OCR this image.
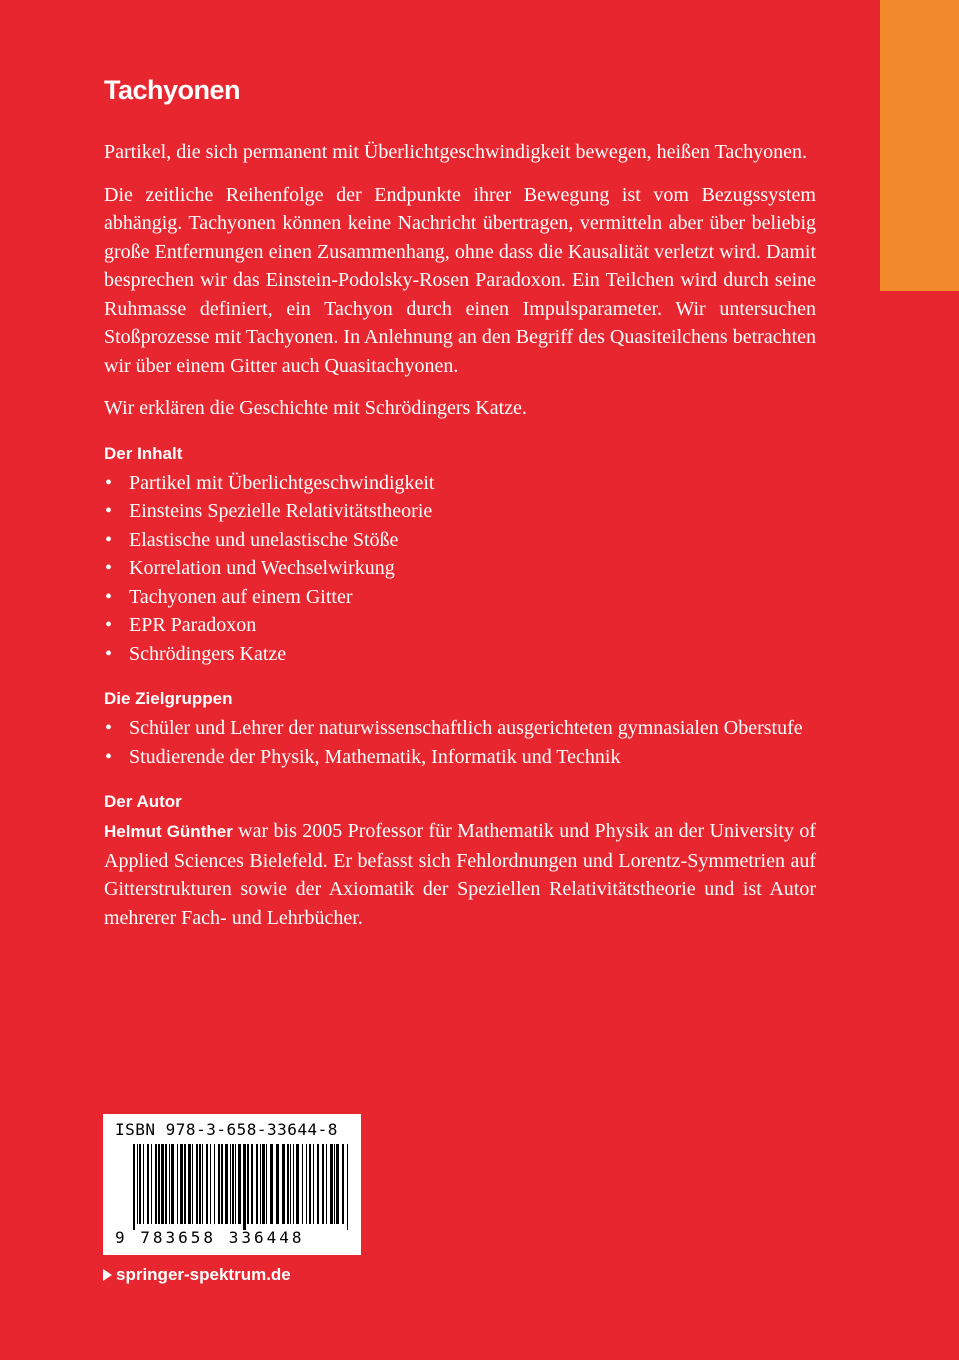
Tachyonen

Partikel, die sich permanent mit Überlichtgeschwindigkeit bewegen, heißen Tachyonen.

Die zeitliche Reihenfolge der Endpunkte ihrer Bewegung ist vom Bezugssystem abhängig. Tachyonen können keine Nachricht übertragen, vermitteln aber über beliebig große Entfernungen einen Zusammenhang, ohne dass die Kausalität verletzt wird. Damit besprechen wir das Einstein-Podolsky-Rosen Paradoxon. Ein Teilchen wird durch seine Ruhmasse definiert, ein Tachyon durch einen Impulsparameter. Wir untersuchen Stoßprozesse mit Tachyonen. In Anlehnung an den Begriff des Quasiteilchens betrachten wir über einem Gitter auch Quasitachyonen.

Wir erklären die Geschichte mit Schrödingers Katze.

Der Inhalt
• Partikel mit Überlichtgeschwindigkeit
• Einsteins Spezielle Relativitätstheorie
• Elastische und unelastische Stöße
• Korrelation und Wechselwirkung
• Tachyonen auf einem Gitter
• EPR Paradoxon
• Schrödingers Katze
Die Zielgruppen
• Schüler und Lehrer der naturwissenschaftlich ausgerichteten gymnasialen Oberstufe
• Studierende der Physik, Mathematik, Informatik und Technik
Der Autor

Helmut Günther war bis 2005 Professor für Mathematik und Physik an der University of Applied Sciences Bielefeld. Er befasst sich Fehlordnungen und Lorentz-Symmetrien auf Gitterstrukturen sowie der Axiomatik der Speziellen Relativitätstheorie und ist Autor mehrerer Fach- und Lehrbücher.

ISBN 978-3-658-33644-8
9 783658 336448
springer-spektrum.de
